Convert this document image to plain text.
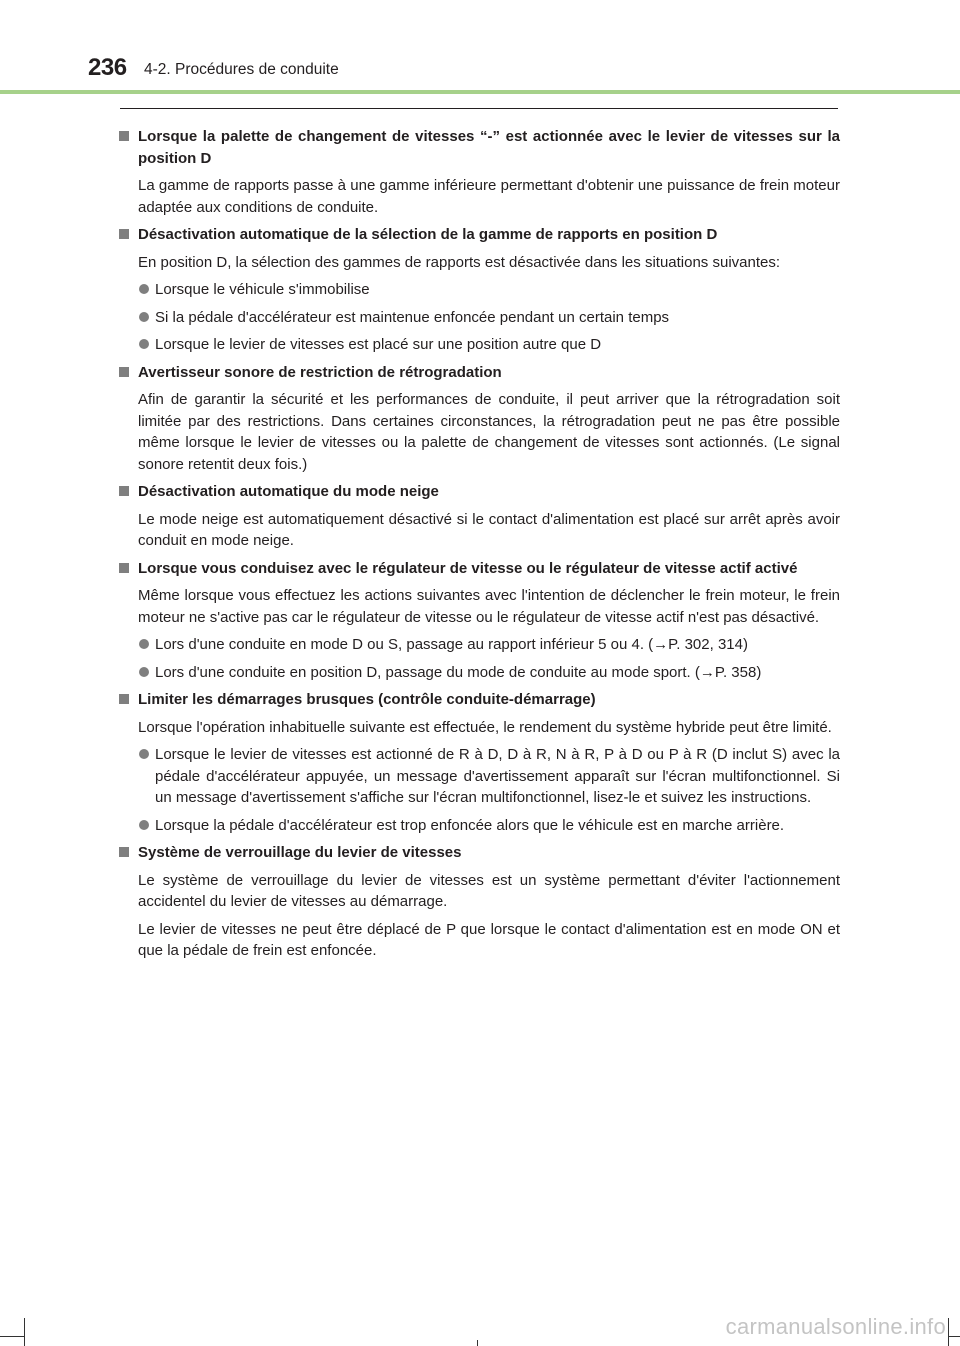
236 4-2. Procédures de conduite
Lorsque la palette de changement de vitesses “-” est actionnée avec le levier de vitesses sur la position D
La gamme de rapports passe à une gamme inférieure permettant d'obtenir une puissance de frein moteur adaptée aux conditions de conduite.
Désactivation automatique de la sélection de la gamme de rapports en position D
En position D, la sélection des gammes de rapports est désactivée dans les situations suivantes:
Lorsque le véhicule s'immobilise
Si la pédale d'accélérateur est maintenue enfoncée pendant un certain temps
Lorsque le levier de vitesses est placé sur une position autre que D
Avertisseur sonore de restriction de rétrogradation
Afin de garantir la sécurité et les performances de conduite, il peut arriver que la rétrogradation soit limitée par des restrictions. Dans certaines circonstances, la rétrogradation peut ne pas être possible même lorsque le levier de vitesses ou la palette de changement de vitesses sont actionnés. (Le signal sonore retentit deux fois.)
Désactivation automatique du mode neige
Le mode neige est automatiquement désactivé si le contact d'alimentation est placé sur arrêt après avoir conduit en mode neige.
Lorsque vous conduisez avec le régulateur de vitesse ou le régulateur de vitesse actif activé
Même lorsque vous effectuez les actions suivantes avec l'intention de déclencher le frein moteur, le frein moteur ne s'active pas car le régulateur de vitesse ou le régulateur de vitesse actif n'est pas désactivé.
Lors d'une conduite en mode D ou S, passage au rapport inférieur 5 ou 4. (→P. 302, 314)
Lors d'une conduite en position D, passage du mode de conduite au mode sport. (→P. 358)
Limiter les démarrages brusques (contrôle conduite-démarrage)
Lorsque l'opération inhabituelle suivante est effectuée, le rendement du système hybride peut être limité.
Lorsque le levier de vitesses est actionné de R à D, D à R, N à R, P à D ou P à R (D inclut S) avec la pédale d'accélérateur appuyée, un message d'avertissement apparaît sur l'écran multifonctionnel. Si un message d'avertissement s'affiche sur l'écran multifonctionnel, lisez-le et suivez les instructions.
Lorsque la pédale d'accélérateur est trop enfoncée alors que le véhicule est en marche arrière.
Système de verrouillage du levier de vitesses
Le système de verrouillage du levier de vitesses est un système permettant d'éviter l'actionnement accidentel du levier de vitesses au démarrage.
Le levier de vitesses ne peut être déplacé de P que lorsque le contact d'alimentation est en mode ON et que la pédale de frein est enfoncée.
carmanualsonline.info
